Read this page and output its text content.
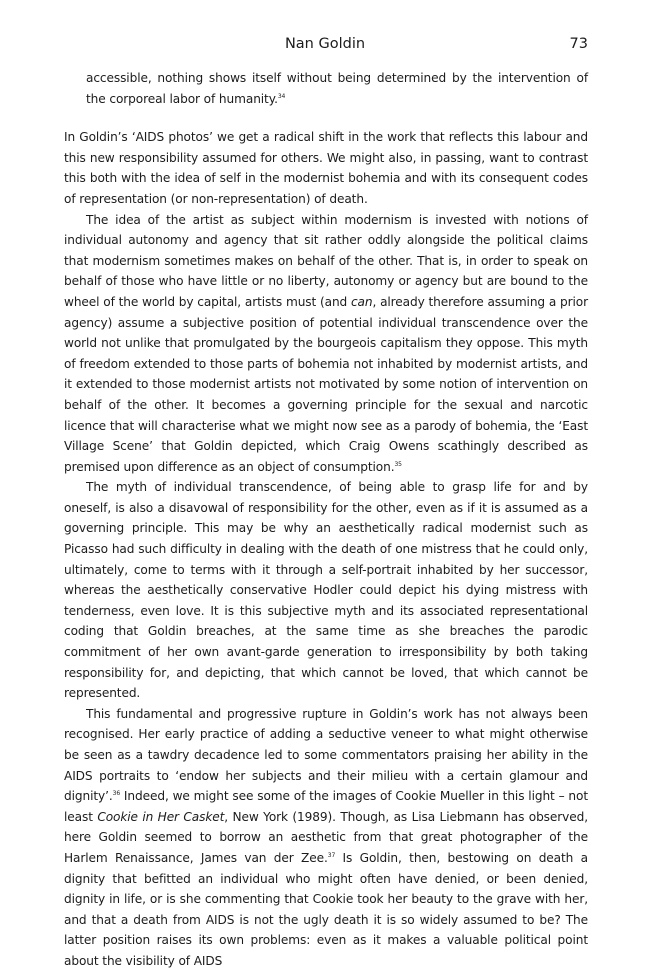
Nan Goldin	73

accessible, nothing shows itself without being determined by the intervention of the corporeal labor of humanity.$^{34}$

In Goldin’s ‘AIDS photos’ we get a radical shift in the work that reflects this labour and this new responsibility assumed for others. We might also, in passing, want to contrast this both with the idea of self in the modernist bohemia and with its consequent codes of representation (or non-representation) of death.

The idea of the artist as subject within modernism is invested with notions of individual autonomy and agency that sit rather oddly alongside the political claims that modernism sometimes makes on behalf of the other. That is, in order to speak on behalf of those who have little or no liberty, autonomy or agency but are bound to the wheel of the world by capital, artists must (and can, already therefore assuming a prior agency) assume a subjective position of potential individual transcendence over the world not unlike that promulgated by the bourgeois capitalism they oppose. This myth of freedom extended to those parts of bohemia not inhabited by modernist artists, and it extended to those modernist artists not motivated by some notion of intervention on behalf of the other. It becomes a governing principle for the sexual and narcotic licence that will characterise what we might now see as a parody of bohemia, the ‘East Village Scene’ that Goldin depicted, which Craig Owens scathingly described as premised upon difference as an object of consumption.$^{35}$

The myth of individual transcendence, of being able to grasp life for and by oneself, is also a disavowal of responsibility for the other, even as if it is assumed as a governing principle. This may be why an aesthetically radical modernist such as Picasso had such difficulty in dealing with the death of one mistress that he could only, ultimately, come to terms with it through a self-portrait inhabited by her successor, whereas the aesthetically conservative Hodler could depict his dying mistress with tenderness, even love. It is this subjective myth and its associated representational coding that Goldin breaches, at the same time as she breaches the parodic commitment of her own avant-garde generation to irresponsibility by both taking responsibility for, and depicting, that which cannot be loved, that which cannot be represented.

This fundamental and progressive rupture in Goldin’s work has not always been recognised. Her early practice of adding a seductive veneer to what might otherwise be seen as a tawdry decadence led to some commentators praising her ability in the AIDS portraits to ‘endow her subjects and their milieu with a certain glamour and dignity’.$^{36}$ Indeed, we might see some of the images of Cookie Mueller in this light – not least Cookie in Her Casket, New York (1989). Though, as Lisa Liebmann has observed, here Goldin seemed to borrow an aesthetic from that great photographer of the Harlem Renaissance, James van der Zee.$^{37}$ Is Goldin, then, bestowing on death a dignity that befitted an individual who might often have denied, or been denied, dignity in life, or is she commenting that Cookie took her beauty to the grave with her, and that a death from AIDS is not the ugly death it is so widely assumed to be? The latter position raises its own problems: even as it makes a valuable political point about the visibility of AIDS
